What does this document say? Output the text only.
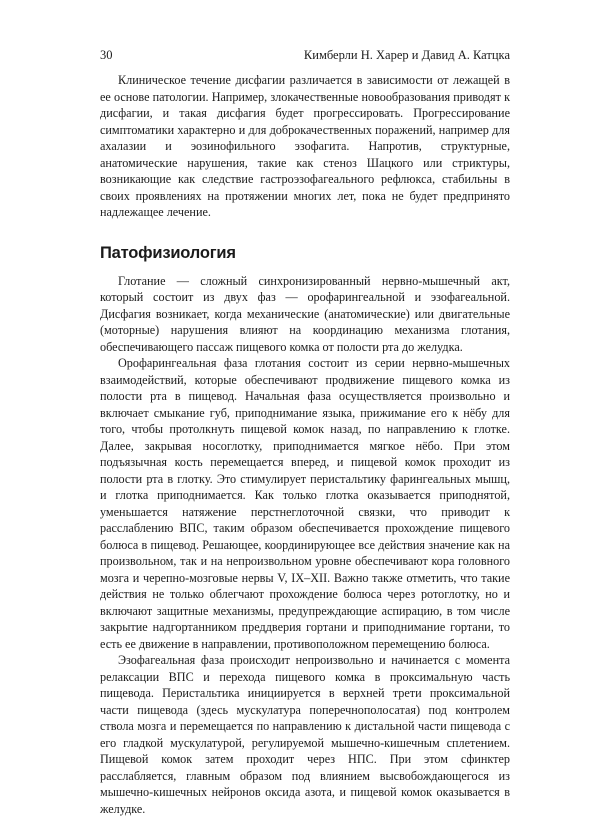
30	Кимберли Н. Харер и Давид А. Катцка

Клиническое течение дисфагии различается в зависимости от лежащей в ее основе патологии. Например, злокачественные новообразования приводят к дисфагии, и такая дисфагия будет прогрессировать. Прогрессирование симптоматики характерно и для доброкачественных поражений, например для ахалазии и эозинофильного эзофагита. Напротив, структурные, анатомические нарушения, такие как стеноз Шацкого или стриктуры, возникающие как следствие гастроэзофагеального рефлюкса, стабильны в своих проявлениях на протяжении многих лет, пока не будет предпринято надлежащее лечение.

Патофизиология

Глотание — сложный синхронизированный нервно-мышечный акт, который состоит из двух фаз — орофарингеальной и эзофагеальной. Дисфагия возникает, когда механические (анатомические) или двигательные (моторные) нарушения влияют на координацию механизма глотания, обеспечивающего пассаж пищевого комка от полости рта до желудка.

Орофарингеальная фаза глотания состоит из серии нервно-мышечных взаимодействий, которые обеспечивают продвижение пищевого комка из полости рта в пищевод. Начальная фаза осуществляется произвольно и включает смыкание губ, приподнимание языка, прижимание его к нёбу для того, чтобы протолкнуть пищевой комок назад, по направлению к глотке. Далее, закрывая носоглотку, приподнимается мягкое нёбо. При этом подъязычная кость перемещается вперед, и пищевой комок проходит из полости рта в глотку. Это стимулирует перистальтику фарингеальных мышц, и глотка приподнимается. Как только глотка оказывается приподнятой, уменьшается натяжение перстнеглоточной связки, что приводит к расслаблению ВПС, таким образом обеспечивается прохождение пищевого болюса в пищевод. Решающее, координирующее все действия значение как на произвольном, так и на непроизвольном уровне обеспечивают кора головного мозга и черепно-мозговые нервы V, IX–XII. Важно также отметить, что такие действия не только облегчают прохождение болюса через ротоглотку, но и включают защитные механизмы, предупреждающие аспирацию, в том числе закрытие надгортанником преддверия гортани и приподнимание гортани, то есть ее движение в направлении, противоположном перемещению болюса.

Эзофагеальная фаза происходит непроизвольно и начинается с момента релаксации ВПС и перехода пищевого комка в проксимальную часть пищевода. Перистальтика инициируется в верхней трети проксимальной части пищевода (здесь мускулатура поперечнополосатая) под контролем ствола мозга и перемещается по направлению к дистальной части пищевода с его гладкой мускулатурой, регулируемой мышечно-кишечным сплетением. Пищевой комок затем проходит через НПС. При этом сфинктер расслабляется, главным образом под влиянием высвобождающегося из мышечно-кишечных нейронов оксида азота, и пищевой комок оказывается в желудке.
